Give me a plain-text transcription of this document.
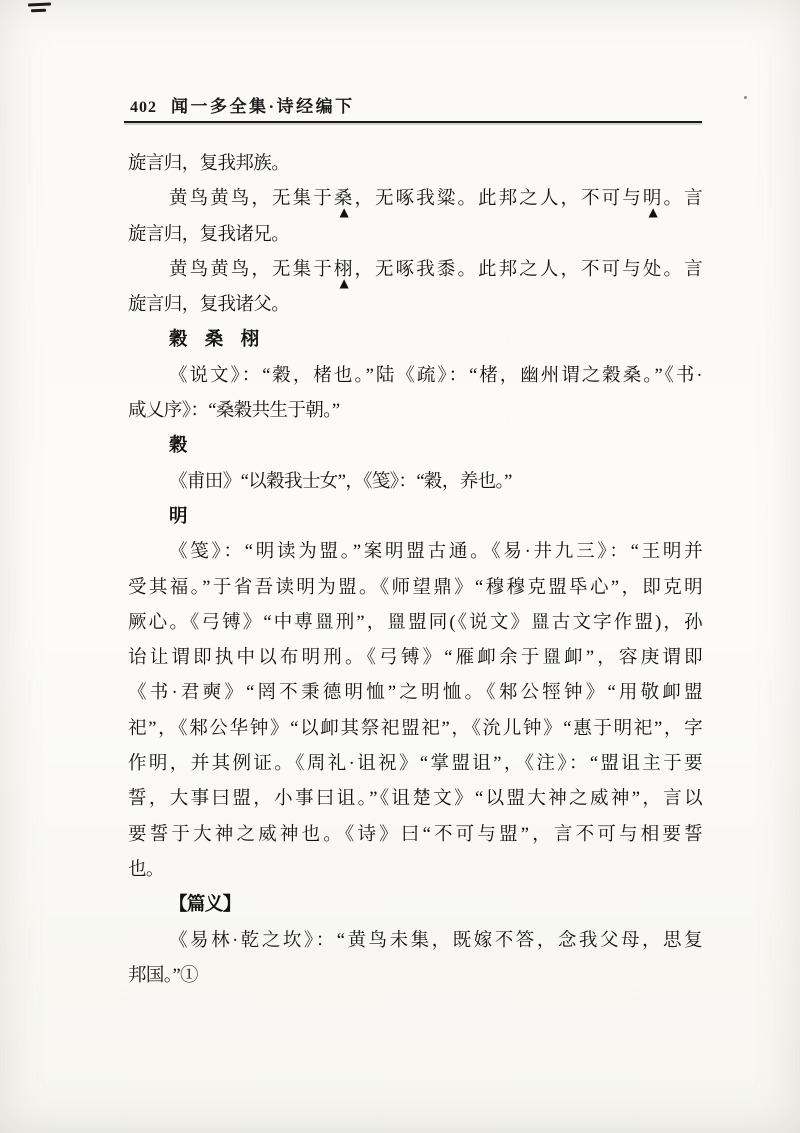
402 闻一多全集·诗经编下
旋言归，复我邦族。
黄鸟黄鸟，无集于桑
▲
，无啄我粱。此邦之人，不可与明
▲
。言
旋言归，复我诸兄。
黄鸟黄鸟，无集于栩
▲
，无啄我黍。此邦之人，不可与处。言
旋言归，复我诸父。
穀　桑　栩
《说文》：“穀，楮也。”陆《疏》：“楮，幽州谓之穀桑。”《书·
咸乂序》：“桑穀共生于朝。”
穀
《甫田》“以穀我士女”，《笺》：“穀，养也。”
明
《笺》：“明读为盟。”案明盟古通。《易·井九三》：“王明并
受其福。”于省吾读明为盟。《师望鼎》“穆穆克盟氒心”，即克明
厥心。《弓镈》“中尃𥁰刑”，𥁰盟同(《说文》𥁰古文字作盟)，孙
诒让谓即执中以布明刑。《弓镈》“雁卹余于𥁰卹”，容庚谓即
《书·君奭》“罔不秉德明恤”之明恤。《邾公牼钟》“用敬卹盟
祀”，《邾公华钟》“以卹其祭祀盟祀”，《沇儿钟》“惠于明祀”，字
作明，并其例证。《周礼·诅祝》“掌盟诅”，《注》：“盟诅主于要
誓，大事曰盟，小事曰诅。”《诅楚文》“以盟大神之威神”，言以
要誓于大神之威神也。《诗》曰“不可与盟”，言不可与相要誓
也。
【篇义】
《易林·乾之坎》：“黄鸟未集，既嫁不答，念我父母，思复
邦国。”①
